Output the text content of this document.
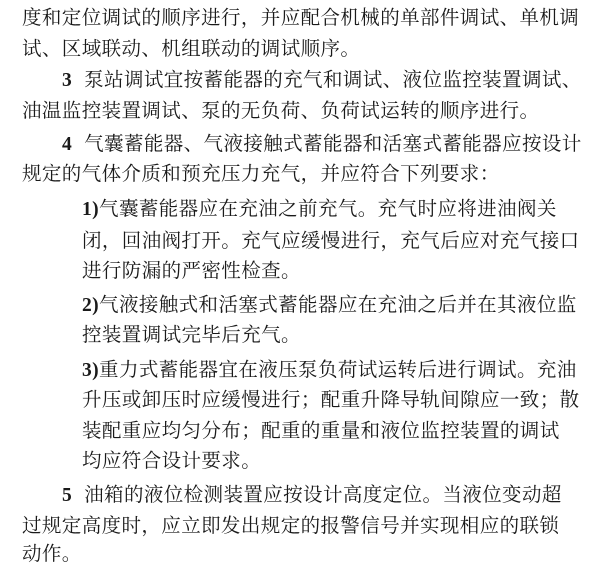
度和定位调试的顺序进行，并应配合机械的单部件调试、单机调
试、区域联动、机组联动的调试顺序。
3 泵站调试宜按蓄能器的充气和调试、液位监控装置调试、
油温监控装置调试、泵的无负荷、负荷试运转的顺序进行。
4 气囊蓄能器、气液接触式蓄能器和活塞式蓄能器应按设计
规定的气体介质和预充压力充气，并应符合下列要求：
1)气囊蓄能器应在充油之前充气。充气时应将进油阀关
闭，回油阀打开。充气应缓慢进行，充气后应对充气接口
进行防漏的严密性检查。
2)气液接触式和活塞式蓄能器应在充油之后并在其液位监
控装置调试完毕后充气。
3)重力式蓄能器宜在液压泵负荷试运转后进行调试。充油
升压或卸压时应缓慢进行；配重升降导轨间隙应一致；散
装配重应均匀分布；配重的重量和液位监控装置的调试
均应符合设计要求。
5 油箱的液位检测装置应按设计高度定位。当液位变动超
过规定高度时，应立即发出规定的报警信号并实现相应的联锁
动作。
